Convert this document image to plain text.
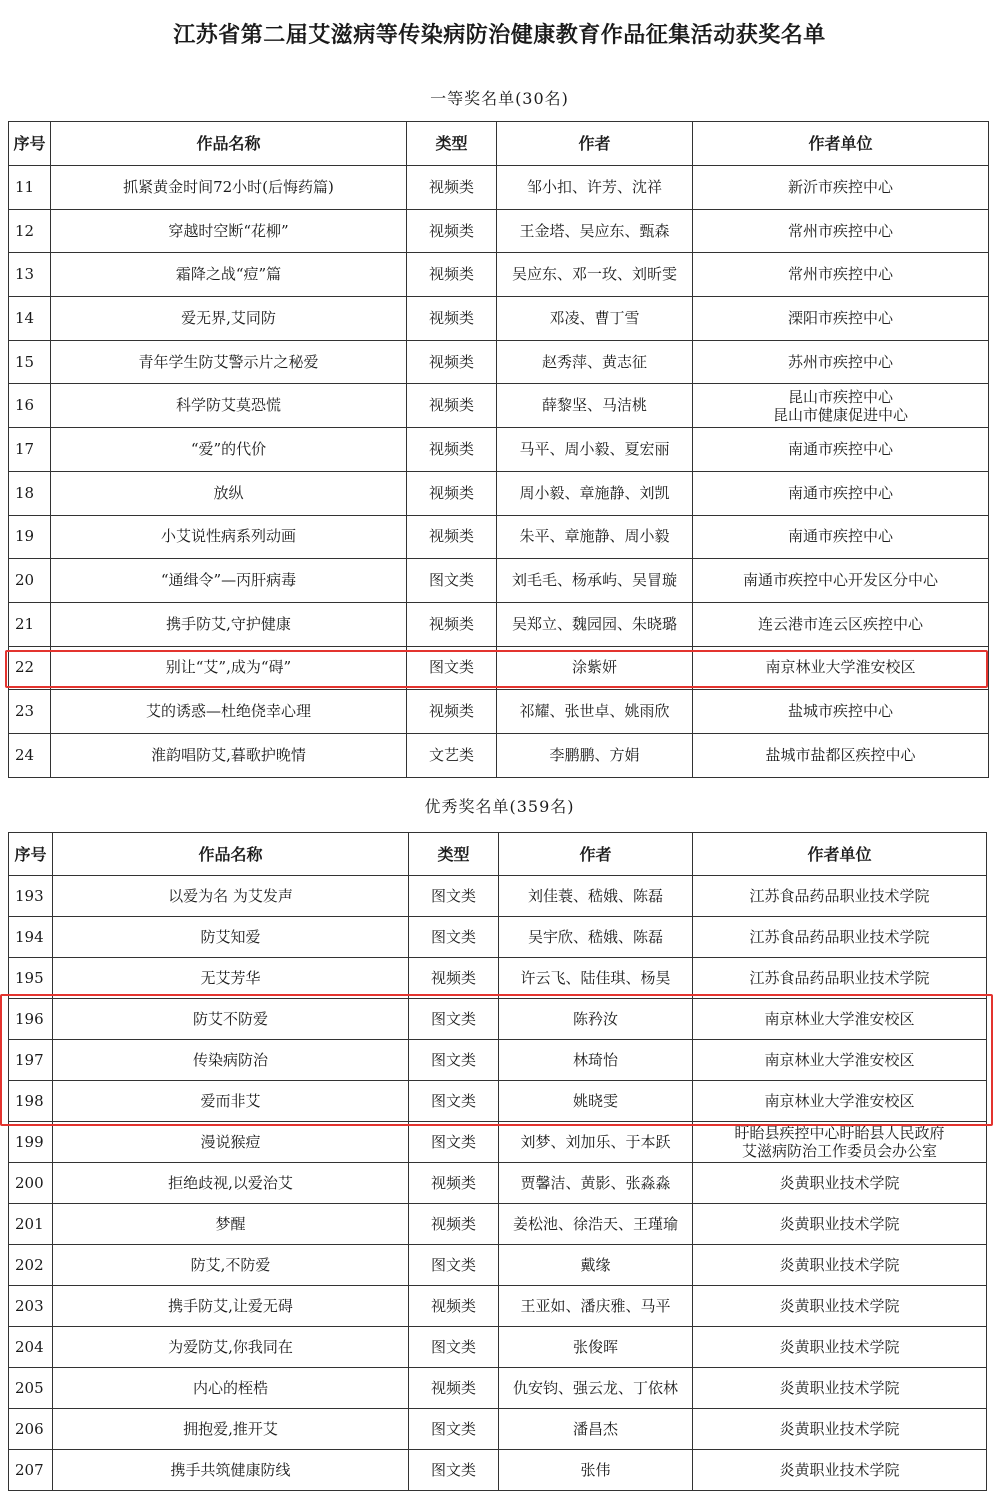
江苏省第二届艾滋病等传染病防治健康教育作品征集活动获奖名单
一等奖名单(30名)
序号	作品名称	类型	作者	作者单位
11	抓紧黄金时间72小时(后悔药篇)	视频类	邹小扣、许芳、沈祥	新沂市疾控中心
12	穿越时空断“花柳”	视频类	王金塔、吴应东、甄森	常州市疾控中心
13	霜降之战“痘”篇	视频类	吴应东、邓一玫、刘昕雯	常州市疾控中心
14	爱无界,艾同防	视频类	邓凌、曹丁雪	溧阳市疾控中心
15	青年学生防艾警示片之秘爱	视频类	赵秀萍、黄志征	苏州市疾控中心
16	科学防艾莫恐慌	视频类	薛黎坚、马洁桃	昆山市疾控中心
昆山市健康促进中心

17	“爱”的代价	视频类	马平、周小毅、夏宏丽	南通市疾控中心
18	放纵	视频类	周小毅、章施静、刘凯	南通市疾控中心
19	小艾说性病系列动画	视频类	朱平、章施静、周小毅	南通市疾控中心
20	“通缉令”—丙肝病毒	图文类	刘毛毛、杨承屿、吴冒璇	南通市疾控中心开发区分中心
21	携手防艾,守护健康	视频类	吴郑立、魏园园、朱晓璐	连云港市连云区疾控中心
22	别让“艾”,成为“碍”	图文类	涂紫妍	南京林业大学淮安校区
23	艾的诱惑—杜绝侥幸心理	视频类	祁耀、张世卓、姚雨欣	盐城市疾控中心
24	淮韵唱防艾,暮歌护晚情	文艺类	李鹏鹏、方娟	盐城市盐都区疾控中心
优秀奖名单(359名)
序号	作品名称	类型	作者	作者单位
193	以爱为名 为艾发声	图文类	刘佳蓑、嵇娥、陈磊	江苏食品药品职业技术学院
194	防艾知爱	图文类	吴宇欣、嵇娥、陈磊	江苏食品药品职业技术学院
195	无艾芳华	视频类	许云飞、陆佳琪、杨昊	江苏食品药品职业技术学院
196	防艾不防爱	图文类	陈矜汝	南京林业大学淮安校区
197	传染病防治	图文类	林琦怡	南京林业大学淮安校区
198	爱而非艾	图文类	姚晓雯	南京林业大学淮安校区
199	漫说猴痘	图文类	刘梦、刘加乐、于本跃	盱眙县疾控中心盱眙县人民政府
艾滋病防治工作委员会办公室

200	拒绝歧视,以爱治艾	视频类	贾馨洁、黄影、张淼淼	炎黄职业技术学院
201	梦醒	视频类	姜松池、徐浩天、王瑾瑜	炎黄职业技术学院
202	防艾,不防爱	图文类	戴缘	炎黄职业技术学院
203	携手防艾,让爱无碍	视频类	王亚如、潘庆雅、马平	炎黄职业技术学院
204	为爱防艾,你我同在	图文类	张俊晖	炎黄职业技术学院
205	内心的桎梏	视频类	仇安钧、强云龙、丁依林	炎黄职业技术学院
206	拥抱爱,推开艾	图文类	潘昌杰	炎黄职业技术学院
207	携手共筑健康防线	图文类	张伟	炎黄职业技术学院
